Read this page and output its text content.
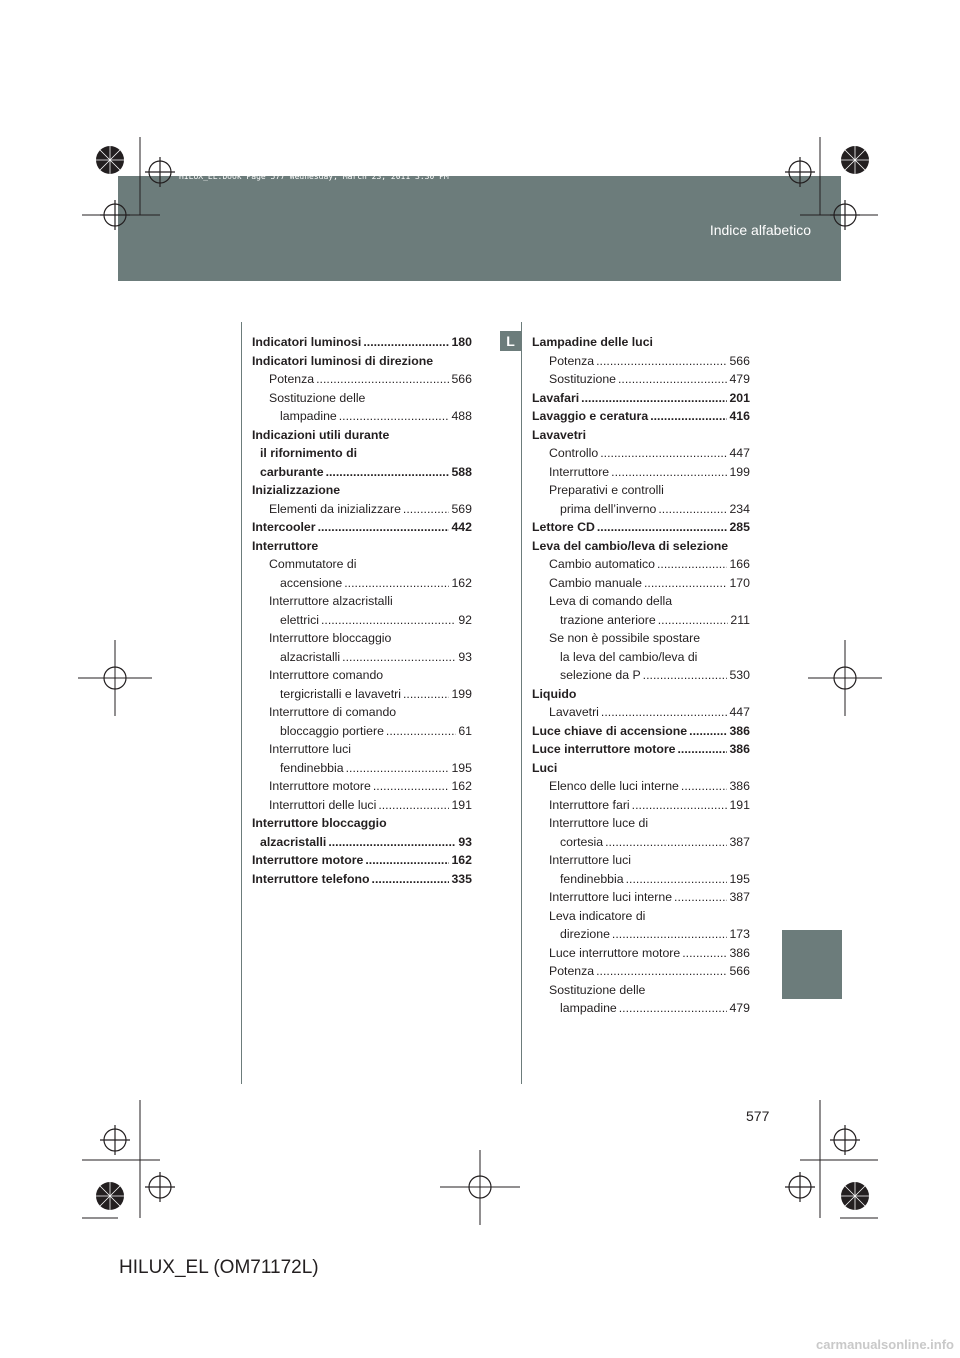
Indice alfabetico
HILUX_EL.book Page 577 Wednesday, March 23, 2011 3:30 PM
L
Indicatori luminosi . . .	180
Indicatori luminosi di direzione
Potenza . . .	566
Sostituzione delle
lampadine . . .	488
Indicazioni utili durante
il rifornimento di
carburante . . .	588
Inizializzazione
Elementi da inizializzare . . .	569
Intercooler . . .	442
Interruttore
Commutatore di
accensione . . .	162
Interruttore alzacristalli
elettrici . . .	92
Interruttore bloccaggio
alzacristalli . . .	93
Interruttore comando
tergicristalli e lavavetri . . .	199
Interruttore di comando
bloccaggio portiere . . .	61
Interruttore luci
fendinebbia . . .	195
Interruttore motore . . .	162
Interruttori delle luci . . .	191
Interruttore bloccaggio
alzacristalli . . .	93
Interruttore motore . . .	162
Interruttore telefono . . .	335
Lampadine delle luci
Potenza . . .	566
Sostituzione . . .	479
Lavafari . . .	201
Lavaggio e ceratura . . .	416
Lavavetri
Controllo . . .	447
Interruttore . . .	199
Preparativi e controlli
prima dell’inverno . . .	234
Lettore CD . . .	285
Leva del cambio/leva di selezione
Cambio automatico . . .	166
Cambio manuale . . .	170
Leva di comando della
trazione anteriore . . .	211
Se non è possibile spostare
la leva del cambio/leva di
selezione da P . . .	530
Liquido
Lavavetri . . .	447
Luce chiave di accensione . . .	386
Luce interruttore motore . . .	386
Luci
Elenco delle luci interne . . .	386
Interruttore fari . . .	191
Interruttore luce di
cortesia . . .	387
Interruttore luci
fendinebbia . . .	195
Interruttore luci interne . . .	387
Leva indicatore di
direzione . . .	173
Luce interruttore motore . . .	386
Potenza . . .	566
Sostituzione delle
lampadine . . .	479
577
HILUX_EL (OM71172L)
carmanualsonline.info
